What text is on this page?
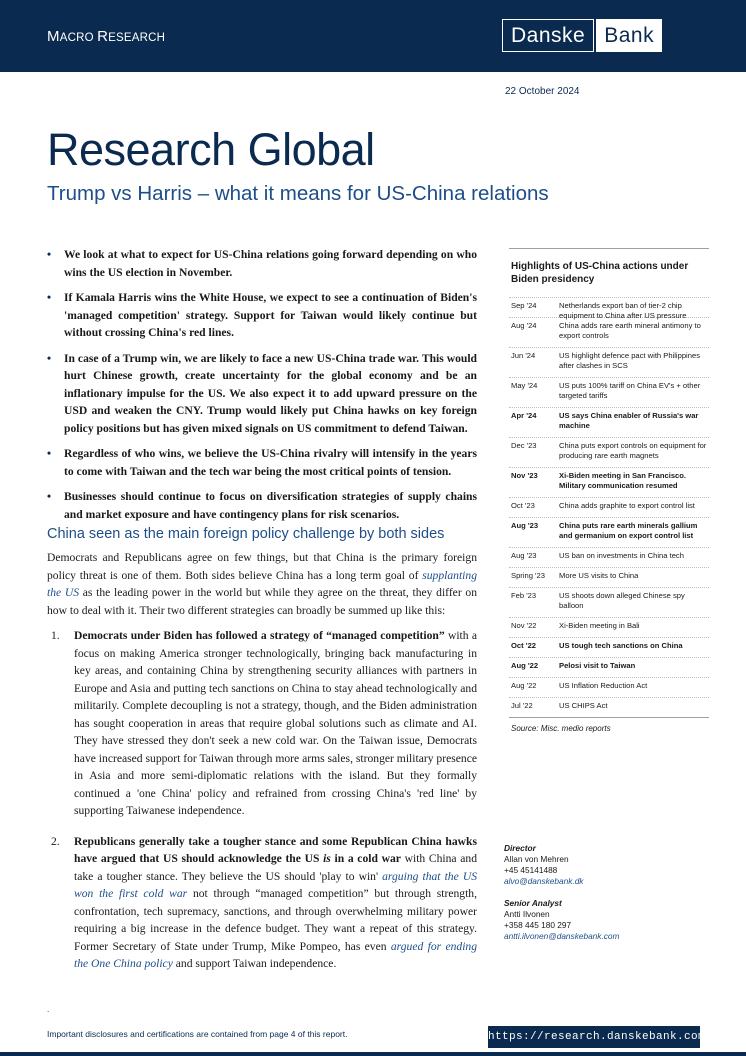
MACRO RESEARCH	Danske Bank
22 October 2024
Research Global
Trump vs Harris – what it means for US-China relations
• We look at what to expect for US-China relations going forward depending on who wins the US election in November.
• If Kamala Harris wins the White House, we expect to see a continuation of Biden's 'managed competition' strategy. Support for Taiwan would likely continue but without crossing China's red lines.
• In case of a Trump win, we are likely to face a new US-China trade war. This would hurt Chinese growth, create uncertainty for the global economy and be an inflationary impulse for the US. We also expect it to add upward pressure on the USD and weaken the CNY. Trump would likely put China hawks on key foreign policy positions but has given mixed signals on US commitment to defend Taiwan.
• Regardless of who wins, we believe the US-China rivalry will intensify in the years to come with Taiwan and the tech war being the most critical points of tension.
• Businesses should continue to focus on diversification strategies of supply chains and market exposure and have contingency plans for risk scenarios.
China seen as the main foreign policy challenge by both sides

Democrats and Republicans agree on few things, but that China is the primary foreign policy threat is one of them. Both sides believe China has a long term goal of supplanting the US as the leading power in the world but while they agree on the threat, they differ on how to deal with it. Their two different strategies can broadly be summed up like this:

1. Democrats under Biden has followed a strategy of “managed competition” with a focus on making America stronger technologically, bringing back manufacturing in key areas, and containing China by strengthening security alliances with partners in Europe and Asia and putting tech sanctions on China to stay ahead technologically and militarily. Complete decoupling is not a strategy, though, and the Biden administration has sought cooperation in areas that require global solutions such as climate and AI. They have stressed they don't seek a new cold war. On the Taiwan issue, Democrats have increased support for Taiwan through more arms sales, stronger military presence in Asia and more semi-diplomatic relations with the island. But they formally continued a 'one China' policy and refrained from crossing China's 'red line' by supporting Taiwanese independence.
2. Republicans generally take a tougher stance and some Republican China hawks have argued that US should acknowledge the US is in a cold war with China and take a tougher stance. They believe the US should 'play to win' arguing that the US won the first cold war not through “managed competition” but through strength, confrontation, tech supremacy, sanctions, and through overwhelming military power requiring a big increase in the defence budget. They want a repeat of this strategy. Former Secretary of State under Trump, Mike Pompeo, has even argued for ending the One China policy and support Taiwan independence.
Highlights of US-China actions under Biden presidency
Sep '24	Netherlands export ban of tier-2 chip equipment to China after US pressure
Aug '24	China adds rare earth mineral antimony to export controls
Jun '24	US highlight defence pact with Philippines after clashes in SCS
May '24	US puts 100% tariff on China EV's + other targeted tariffs
Apr '24	US says China enabler of Russia's war machine
Dec '23	China puts export controls on equipment for producing rare earth magnets
Nov '23	Xi-Biden meeting in San Francisco. Military communication resumed
Oct '23	China adds graphite to export control list
Aug '23	China puts rare earth minerals gallium and germanium on export control list
Aug '23	US ban on investments in China tech
Spring '23	More US visits to China
Feb '23	US shoots down alleged Chinese spy balloon
Nov '22	Xi-Biden meeting in Bali
Oct '22	US tough tech sanctions on China
Aug '22	Pelosi visit to Taiwan
Aug '22	US Inflation Reduction Act
Jul '22	US CHIPS Act
Source: Misc. medio reports
Director
Allan von Mehren
+45 45141488
alvo@danskebank.dk
Senior Analyst
Antti Ilvonen
+358 445 180 297
antti.ilvonen@danskebank.com
.
Important disclosures and certifications are contained from page 4 of this report.	https://research.danskebank.com
